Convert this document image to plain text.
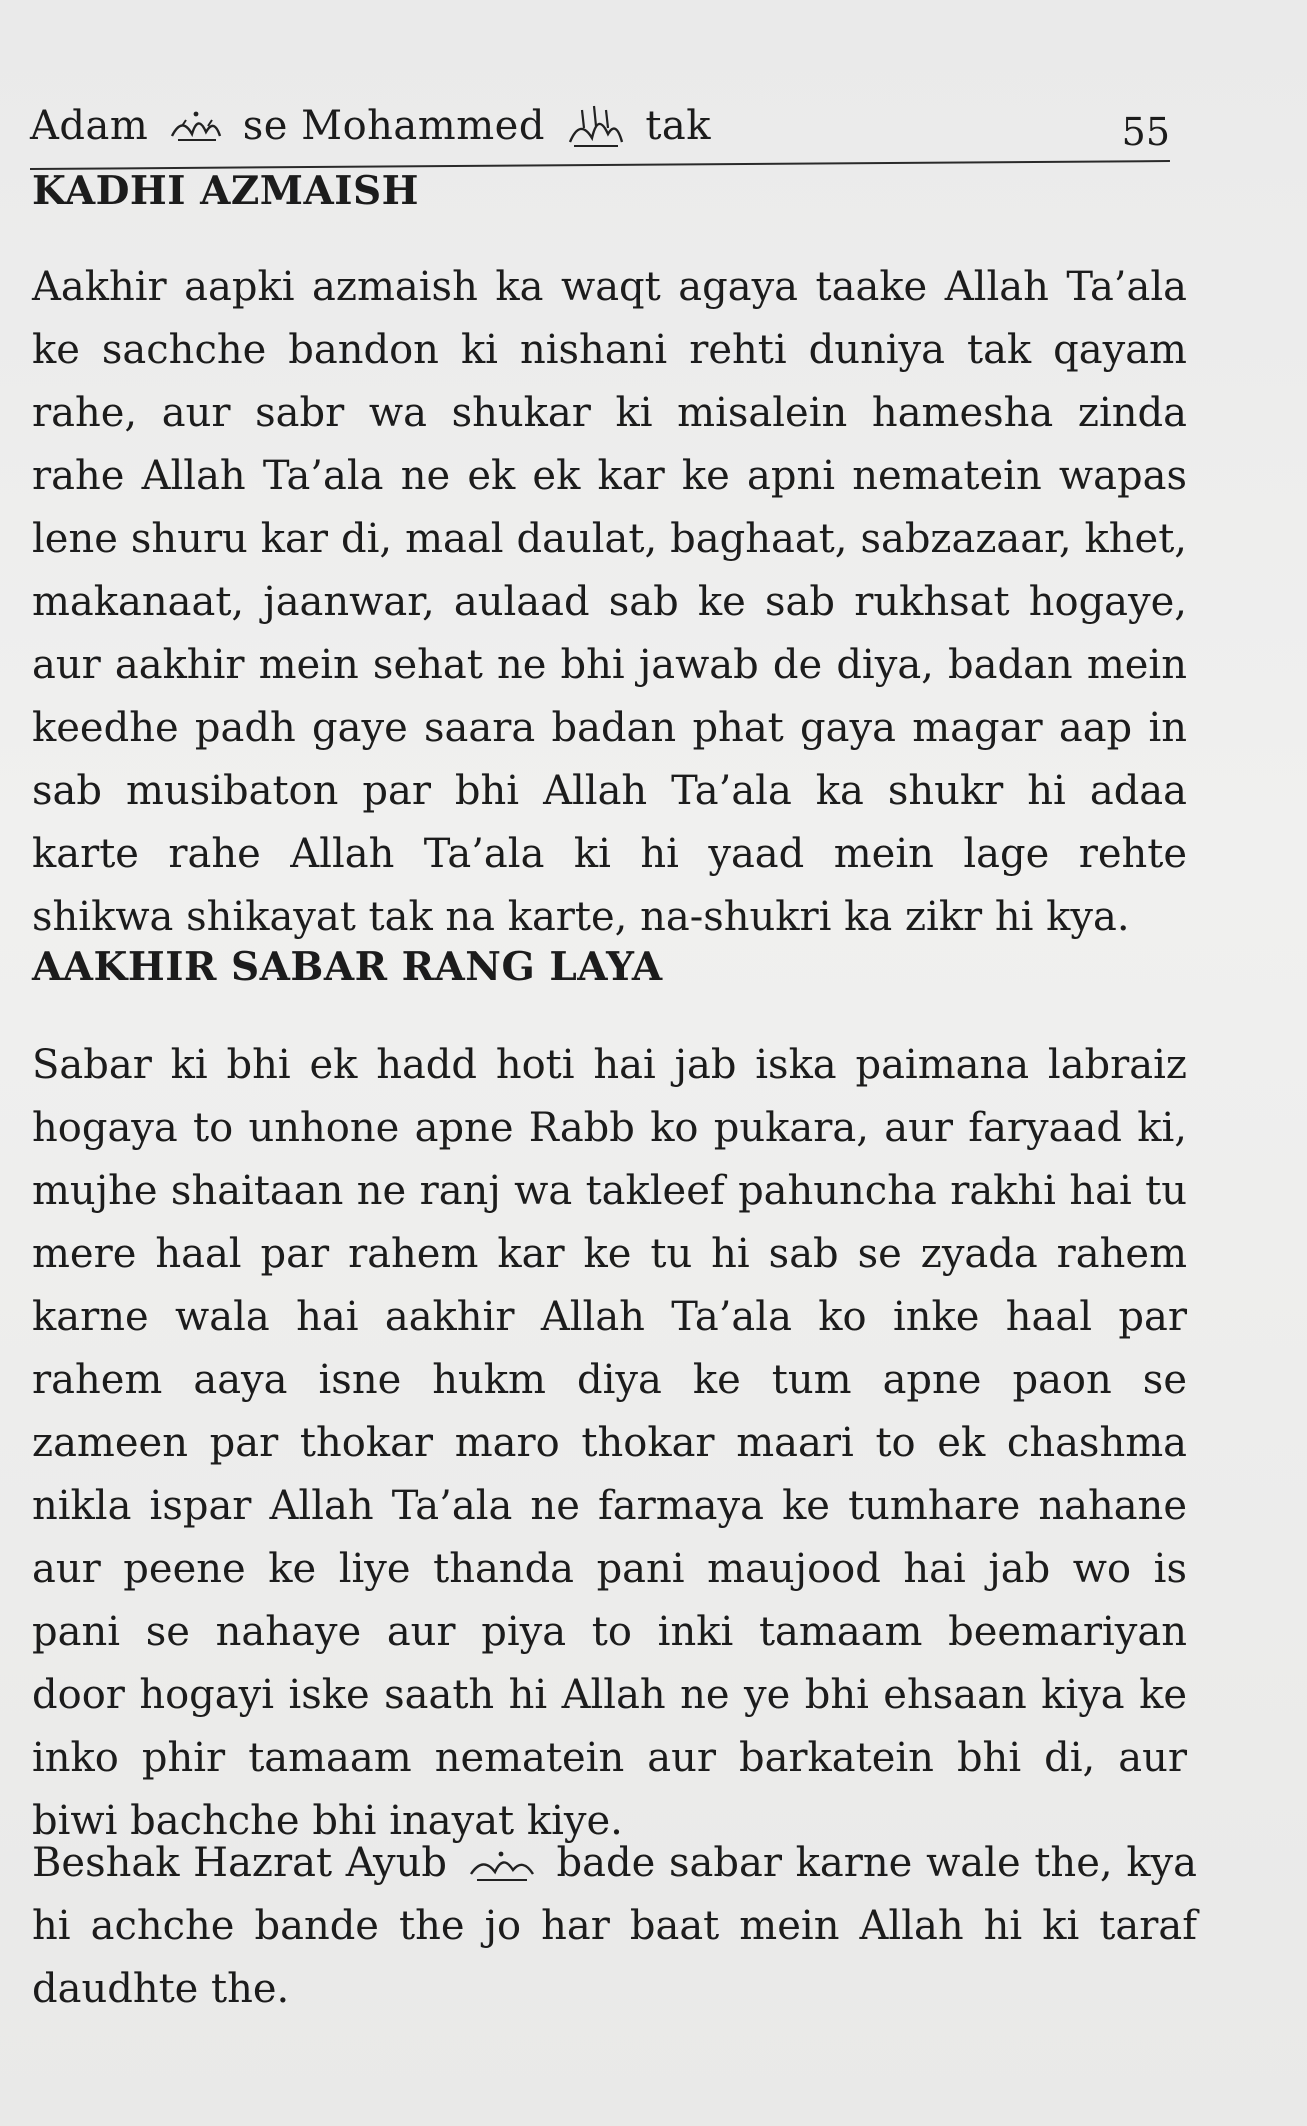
Adam se Mohammed	tak	55
KADHI AZMAISH
Aakhir aapki azmaish ka waqt agaya taake Allah Ta’ala ke sachche bandon ki nishani rehti duniya tak qayam rahe, aur sabr wa shukar ki misalein hamesha zinda rahe Allah Ta’ala ne ek ek kar ke apni nematein wapas lene shuru kar di, maal daulat, baghaat, sabzazaar, khet, makanaat, jaanwar, aulaad sab ke sab rukhsat hogaye, aur aakhir mein sehat ne bhi jawab de diya, badan mein keedhe padh gaye saara badan phat gaya magar aap in sab musibaton par bhi Allah Ta’ala ka shukr hi adaa karte rahe Allah Ta’ala ki hi yaad mein lage rehte shikwa shikayat tak na karte, na-shukri ka zikr hi kya.
AAKHIR SABAR RANG LAYA
Sabar ki bhi ek hadd hoti hai jab iska paimana labraiz hogaya to unhone apne Rabb ko pukara, aur faryaad ki, mujhe shaitaan ne ranj wa takleef pahuncha rakhi hai tu mere haal par rahem kar ke tu hi sab se zyada rahem karne wala hai aakhir Allah Ta’ala ko inke haal par rahem aaya isne hukm diya ke tum apne paon se zameen par thokar maro thokar maari to ek chashma nikla ispar Allah Ta’ala ne farmaya ke tumhare nahane aur peene ke liye thanda pani maujood hai jab wo is pani se nahaye aur piya to inki tamaam beemariyan door hogayi iske saath hi Allah ne ye bhi ehsaan kiya ke inko phir tamaam nematein aur barkatein bhi di, aur biwi bachche bhi inayat kiye.
Beshak Hazrat Ayub	bade sabar karne wale the, kya hi achche bande the jo har baat mein Allah hi ki taraf daudhte the.
